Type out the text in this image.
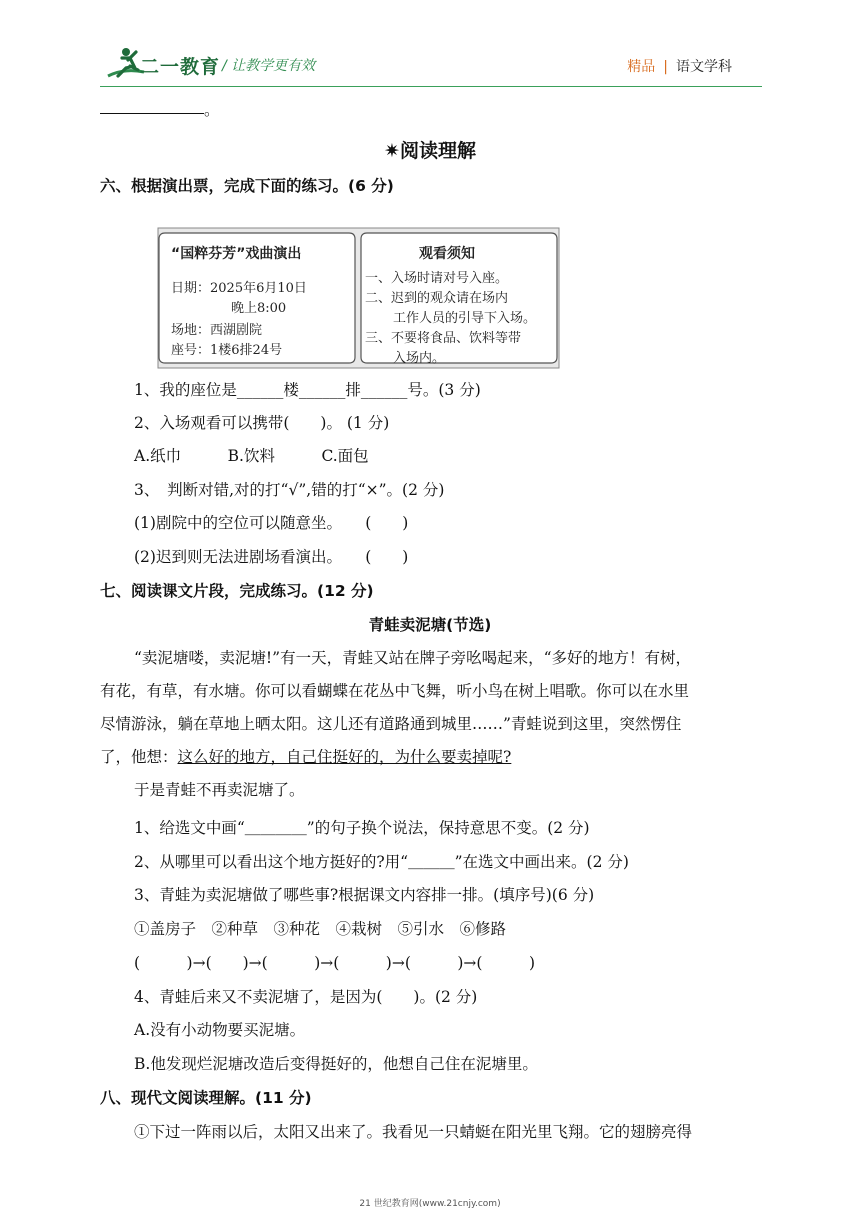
二一教育 / 让教学更有效	精品 | 语文学科
。
✷阅读理解
六、根据演出票，完成下面的练习。(6 分)
“国粹芬芳”戏曲演出
日期：2025年6月10日
晚上8:00
场地：西湖剧院
座号：1楼6排24号
观看须知
一、入场时请对号入座。
二、迟到的观众请在场内
工作人员的引导下入场。
三、不要将食品、饮料等带
入场内。
1、我的座位是______楼______排______号。(3 分)
2、入场观看可以携带(　　)。 (1 分)
A.纸巾　　　B.饮料　　　C.面包
3、　判断对错,对的打“√”,错的打“×”。(2 分)
(1)剧院中的空位可以随意坐。　　(　　)
(2)迟到则无法进剧场看演出。　　(　　)
七、阅读课文片段，完成练习。(12 分)
青蛙卖泥塘(节选)
“卖泥塘喽，卖泥塘!”有一天，青蛙又站在牌子旁吆喝起来，“多好的地方！有树，
有花，有草，有水塘。你可以看蝴蝶在花丛中飞舞，听小鸟在树上唱歌。你可以在水里
尽情游泳，躺在草地上晒太阳。这儿还有道路通到城里……”青蛙说到这里，突然愣住
了，他想：这么好的地方，自己住挺好的，为什么要卖掉呢?
于是青蛙不再卖泥塘了。
1、给选文中画“＿＿＿＿”的句子换个说法，保持意思不变。(2 分)
2、从哪里可以看出这个地方挺好的?用“＿＿＿”在选文中画出来。(2 分)
3、青蛙为卖泥塘做了哪些事?根据课文内容排一排。(填序号)(6 分)
①盖房子　②种草　③种花　④栽树　⑤引水　⑥修路
(　　　)→(　　)→(　　　)→(　　　)→(　　　)→(　　　)
4、青蛙后来又不卖泥塘了，是因为(　　)。(2 分)
A.没有小动物要买泥塘。
B.他发现烂泥塘改造后变得挺好的，他想自己住在泥塘里。
八、现代文阅读理解。(11 分)
①下过一阵雨以后，太阳又出来了。我看见一只蜻蜓在阳光里飞翔。它的翅膀亮得
21 世纪教育网(www.21cnjy.com)
